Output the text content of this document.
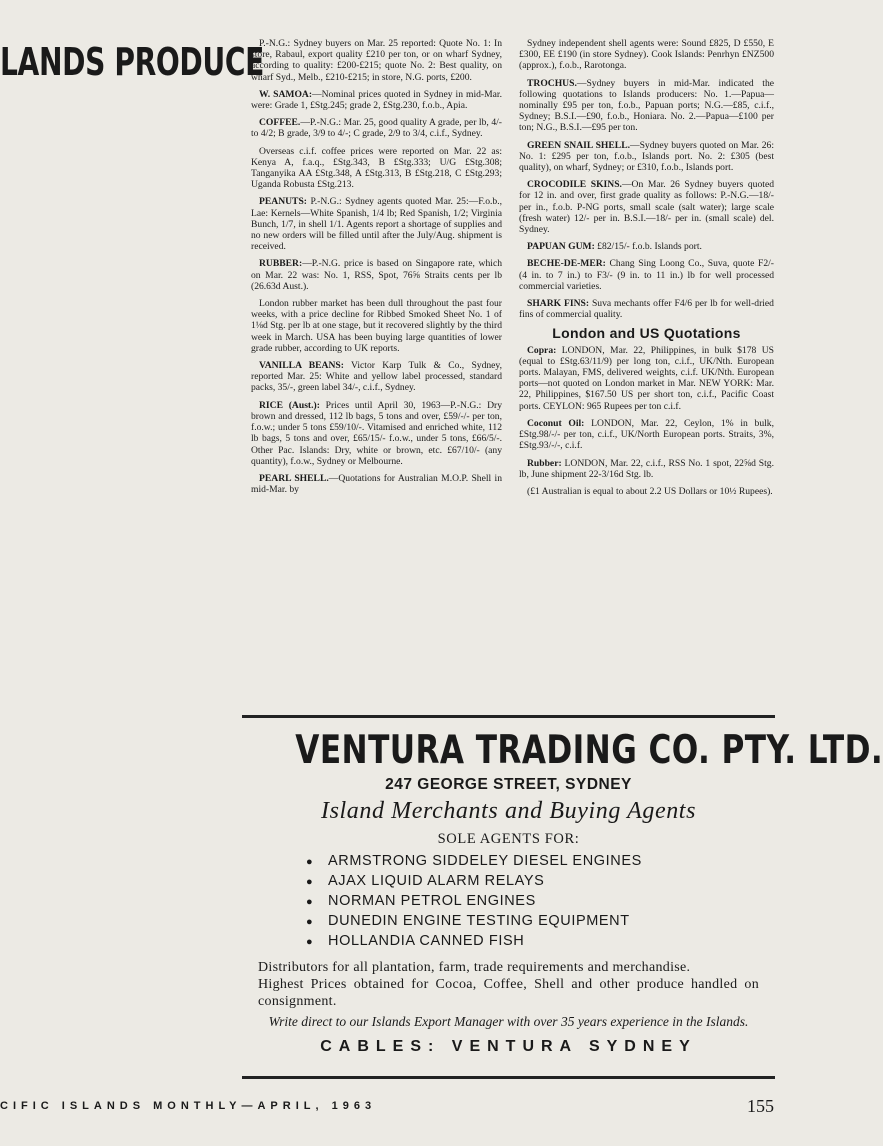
LANDS PRODUCE

P.-N.G.: Sydney buyers on Mar. 25 reported: Quote No. 1: In store, Rabaul, export quality £210 per ton, or on wharf Sydney, according to quality: £200-£215; quote No. 2: Best quality, on wharf Syd., Melb., £210-£215; in store, N.G. ports, £200.

W. SAMOA:—Nominal prices quoted in Sydney in mid-Mar. were: Grade 1, £Stg.245; grade 2, £Stg.230, f.o.b., Apia.

COFFEE.—P.-N.G.: Mar. 25, good quality A grade, per lb, 4/- to 4/2; B grade, 3/9 to 4/-; C grade, 2/9 to 3/4, c.i.f., Sydney.

Overseas c.i.f. coffee prices were reported on Mar. 22 as: Kenya A, f.a.q., £Stg.343, B £Stg.333; U/G £Stg.308; Tanganyika AA £Stg.348, A £Stg.313, B £Stg.218, C £Stg.293; Uganda Robusta £Stg.213.

PEANUTS: P.-N.G.: Sydney agents quoted Mar. 25:—F.o.b., Lae: Kernels—White Spanish, 1/4 lb; Red Spanish, 1/2; Virginia Bunch, 1/7, in shell 1/1. Agents report a shortage of supplies and no new orders will be filled until after the July/Aug. shipment is received.

RUBBER:—P.-N.G. price is based on Singapore rate, which on Mar. 22 was: No. 1, RSS, Spot, 76⅝ Straits cents per lb (26.63d Aust.).

London rubber market has been dull throughout the past four weeks, with a price decline for Ribbed Smoked Sheet No. 1 of 1⅛d Stg. per lb at one stage, but it recovered slightly by the third week in March. USA has been buying large quantities of lower grade rubber, according to UK reports.

VANILLA BEANS: Victor Karp Tulk & Co., Sydney, reported Mar. 25: White and yellow label processed, standard packs, 35/-, green label 34/-, c.i.f., Sydney.

RICE (Aust.): Prices until April 30, 1963—P.-N.G.: Dry brown and dressed, 112 lb bags, 5 tons and over, £59/-/- per ton, f.o.w.; under 5 tons £59/10/-. Vitamised and enriched white, 112 lb bags, 5 tons and over, £65/15/- f.o.w., under 5 tons, £66/5/-. Other Pac. Islands: Dry, white or brown, etc. £67/10/- (any quantity), f.o.w., Sydney or Melbourne.

PEARL SHELL.—Quotations for Australian M.O.P. Shell in mid-Mar. by

Sydney independent shell agents were: Sound £825, D £550, E £300, EE £190 (in store Sydney). Cook Islands: Penrhyn £NZ500 (approx.), f.o.b., Rarotonga.

TROCHUS.—Sydney buyers in mid-Mar. indicated the following quotations to Islands producers: No. 1.—Papua—nominally £95 per ton, f.o.b., Papuan ports; N.G.—£85, c.i.f., Sydney; B.S.I.—£90, f.o.b., Honiara. No. 2.—Papua—£100 per ton; N.G., B.S.I.—£95 per ton.

GREEN SNAIL SHELL.—Sydney buyers quoted on Mar. 26: No. 1: £295 per ton, f.o.b., Islands port. No. 2: £305 (best quality), on wharf, Sydney; or £310, f.o.b., Islands port.

CROCODILE SKINS.—On Mar. 26 Sydney buyers quoted for 12 in. and over, first grade quality as follows: P.-N.G.—18/- per in., f.o.b. P-NG ports, small scale (salt water); large scale (fresh water) 12/- per in. B.S.I.—18/- per in. (small scale) del. Sydney.

PAPUAN GUM: £82/15/- f.o.b. Islands port.

BECHE-DE-MER: Chang Sing Loong Co., Suva, quote F2/- (4 in. to 7 in.) to F3/- (9 in. to 11 in.) lb for well processed commercial varieties.

SHARK FINS: Suva mechants offer F4/6 per lb for well-dried fins of commercial quality.

London and US Quotations

Copra: LONDON, Mar. 22, Philippines, in bulk $178 US (equal to £Stg.63/11/9) per long ton, c.i.f., UK/Nth. European ports. Malayan, FMS, delivered weights, c.i.f. UK/Nth. European ports—not quoted on London market in Mar. NEW YORK: Mar. 22, Philippines, $167.50 US per short ton, c.i.f., Pacific Coast ports. CEYLON: 965 Rupees per ton c.i.f.

Coconut Oil: LONDON, Mar. 22, Ceylon, 1% in bulk, £Stg.98/-/- per ton, c.i.f., UK/North European ports. Straits, 3%, £Stg.93/-/-, c.i.f.

Rubber: LONDON, Mar. 22, c.i.f., RSS No. 1 spot, 22⅝d Stg. lb, June shipment 22-3/16d Stg. lb.

(£1 Australian is equal to about 2.2 US Dollars or 10½ Rupees).

VENTURA TRADING CO. PTY. LTD.
247 GEORGE STREET, SYDNEY
Island Merchants and Buying Agents
SOLE AGENTS FOR:
● ARMSTRONG SIDDELEY DIESEL ENGINES
● AJAX LIQUID ALARM RELAYS
● NORMAN PETROL ENGINES
● DUNEDIN ENGINE TESTING EQUIPMENT
● HOLLANDIA CANNED FISH
Distributors for all plantation, farm, trade requirements and merchandise.
Highest Prices obtained for Cocoa, Coffee, Shell and other produce handled on consignment.
Write direct to our Islands Export Manager with over 35 years experience in the Islands.
CABLES: VENTURA SYDNEY
CIFIC ISLANDS MONTHLY—APRIL, 1963	155
